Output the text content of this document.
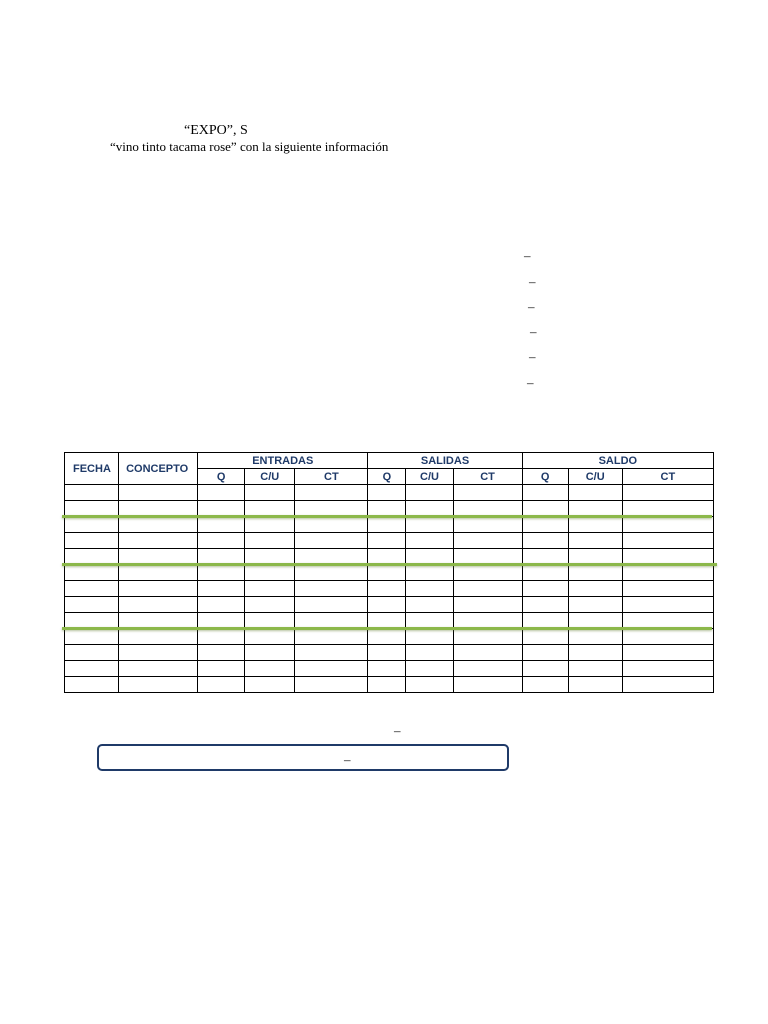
“EXPO”, S
“vino tinto tacama rose” con la siguiente información
–
–
–
–
–
–
FECHA	CONCEPTO	ENTRADAS			SALIDAS			SALDO		
		Q	C/U	CT	Q	C/U	CT	Q	C/U	CT

–
–
